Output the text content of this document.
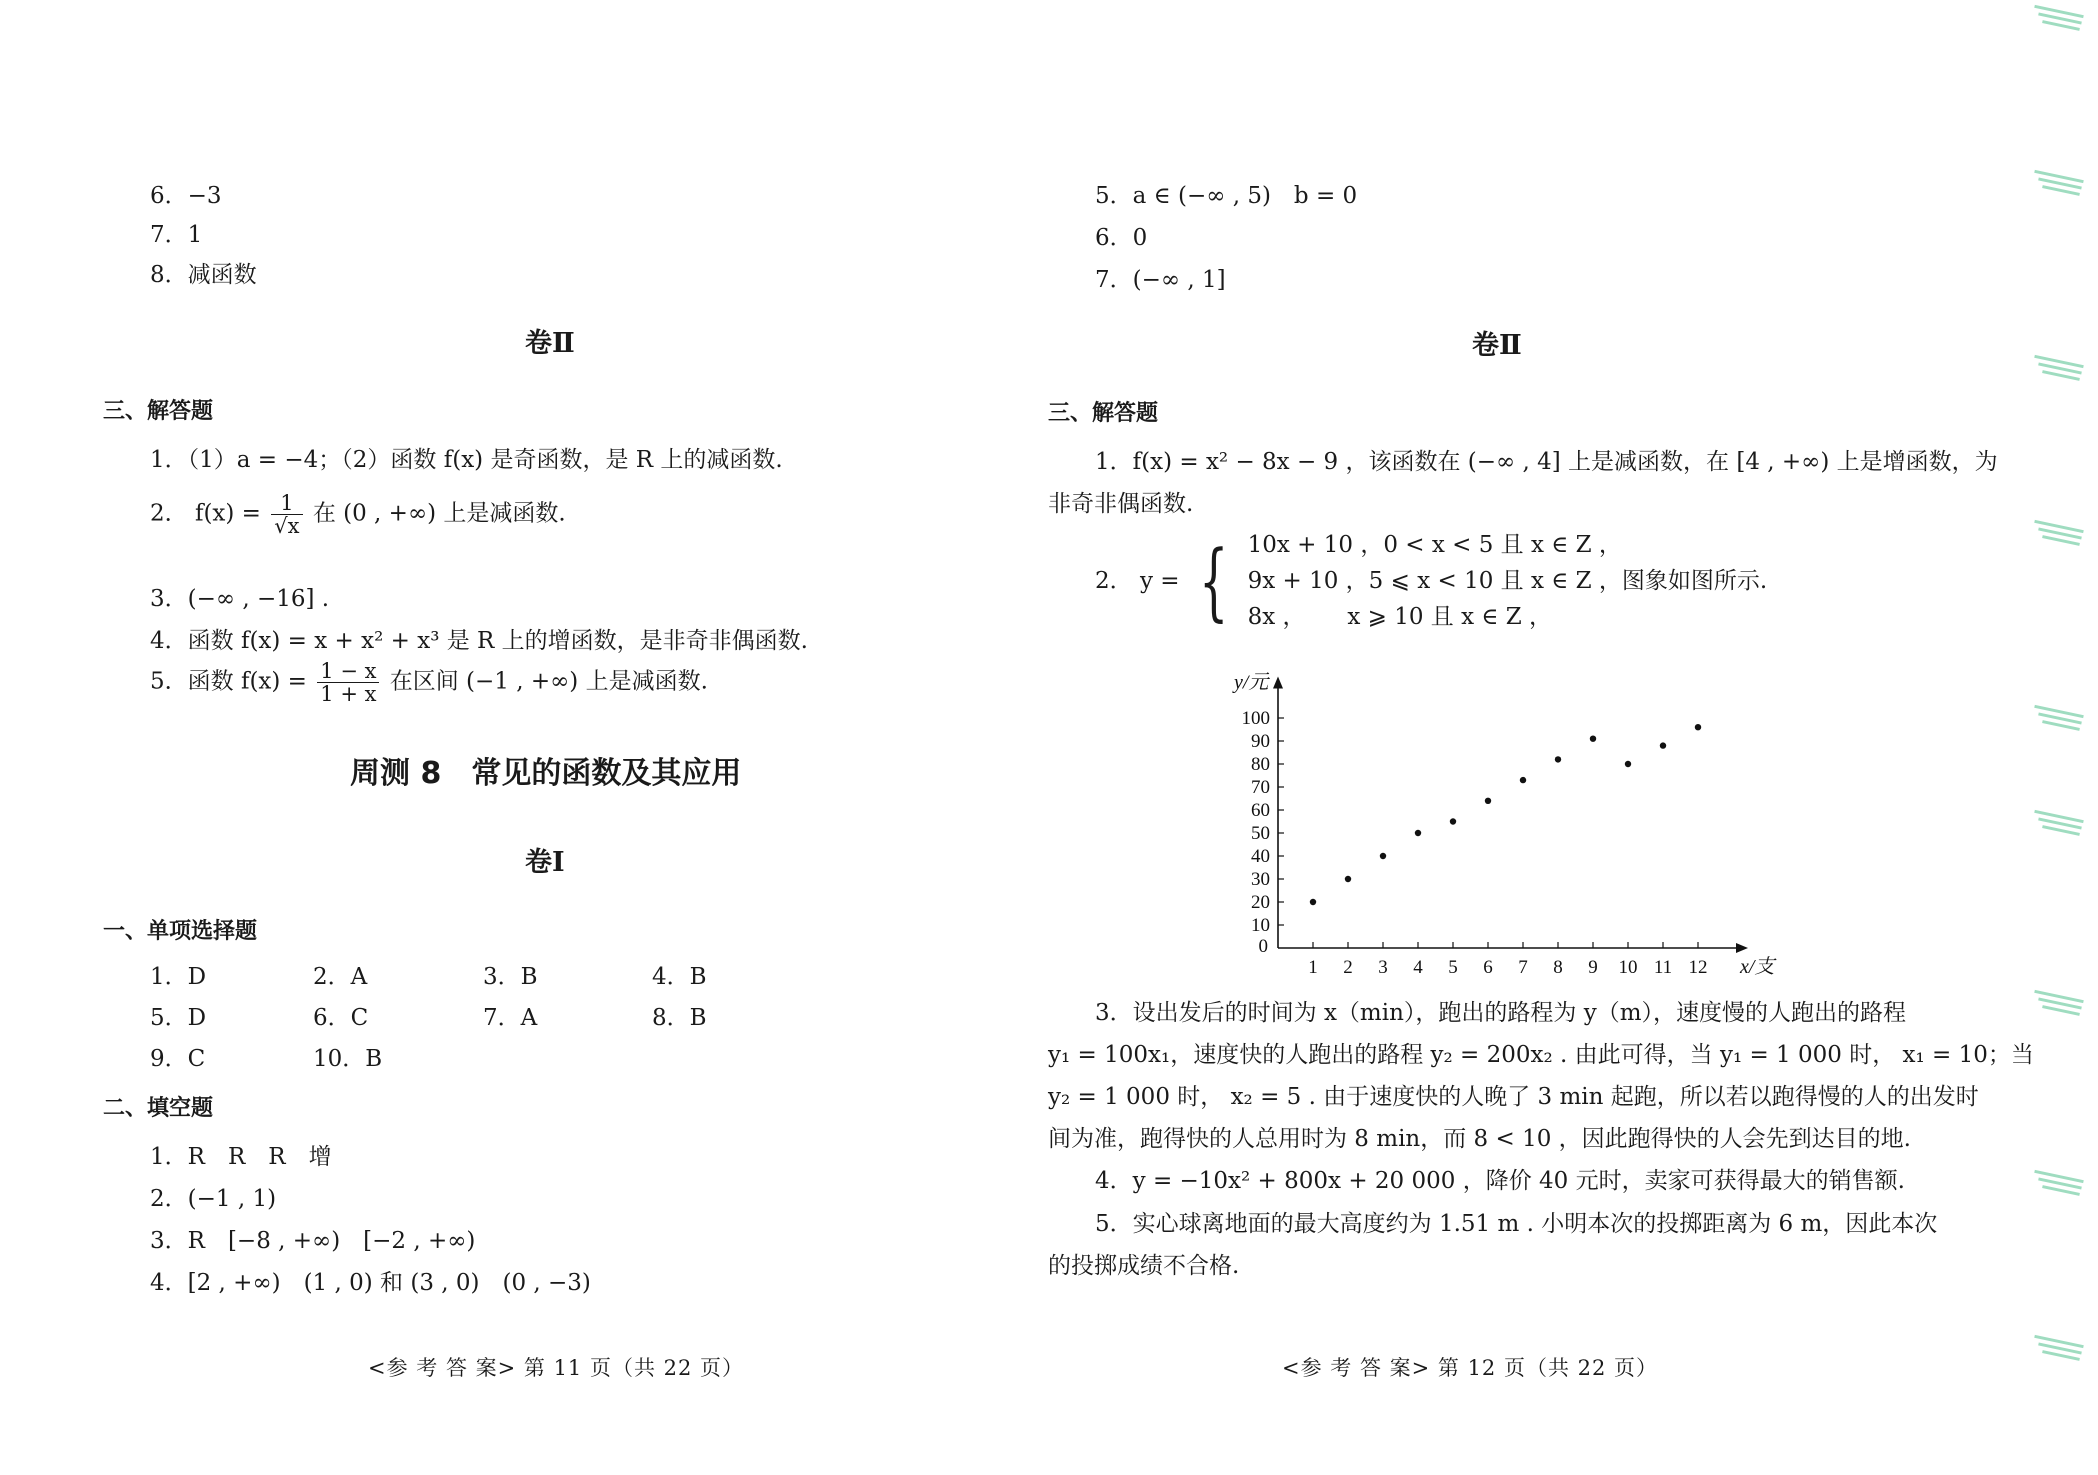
6．−3
7．1
8．减函数
卷Ⅱ
三、解答题
1．（1）a = −4；（2）函数 f(x) 是奇函数，是 R 上的减函数.
2． $f(x) = \frac{1}{√x}$ 在 (0 , +∞) 上是减函数.
3．(−∞ , −16] .
4．函数 f(x) = x + x² + x³ 是 R 上的增函数，是非奇非偶函数.
5．函数 $f(x) = \frac{1 - x}{1 + x}$ 在区间 (−1 , +∞) 上是减函数.
周测 8　常见的函数及其应用
卷Ⅰ
一、单项选择题
1．D	2．A	3．B	4．B
5．D	6．C	7．A	8．B
9．C	10．B
二、填空题
1．R　R　R　增
2．(−1 , 1)
3．R　[−8 , +∞)　[−2 , +∞)
4．[2 , +∞)　(1 , 0) 和 (3 , 0)　(0 , −3)
<参 考 答 案> 第 11 页（共 22 页）
5．a ∈ (−∞ , 5)　b = 0
6．0
7．(−∞ , 1]
卷Ⅱ
三、解答题
1．f(x) = x² − 8x − 9 ，该函数在 (−∞ , 4] 上是减函数，在 [4 , +∞) 上是增函数，为
非奇非偶函数.
2． y = { 10x + 10 ，0 < x < 5 且 x ∈ Z ，
9x + 10 ，5 ⩽ x < 10 且 x ∈ Z ，图象如图所示.
8x ，　　 x ⩾ 10 且 x ∈ Z ，
1 2 3 4 5 6 7 8 9 10 11 12
10
20
30
40
50
60
70
80
90
100
0
x/支
y/元
3．设出发后的时间为 x（min），跑出的路程为 y（m），速度慢的人跑出的路程
y₁ = 100x₁，速度快的人跑出的路程 y₂ = 200x₂ . 由此可得，当 y₁ = 1 000 时， x₁ = 10；当
y₂ = 1 000 时， x₂ = 5 . 由于速度快的人晚了 3 min 起跑，所以若以跑得慢的人的出发时
间为准，跑得快的人总用时为 8 min，而 8 < 10 ，因此跑得快的人会先到达目的地.
4．y = −10x² + 800x + 20 000 ，降价 40 元时，卖家可获得最大的销售额.
5．实心球离地面的最大高度约为 1.51 m . 小明本次的投掷距离为 6 m，因此本次
的投掷成绩不合格.
<参 考 答 案> 第 12 页（共 22 页）
